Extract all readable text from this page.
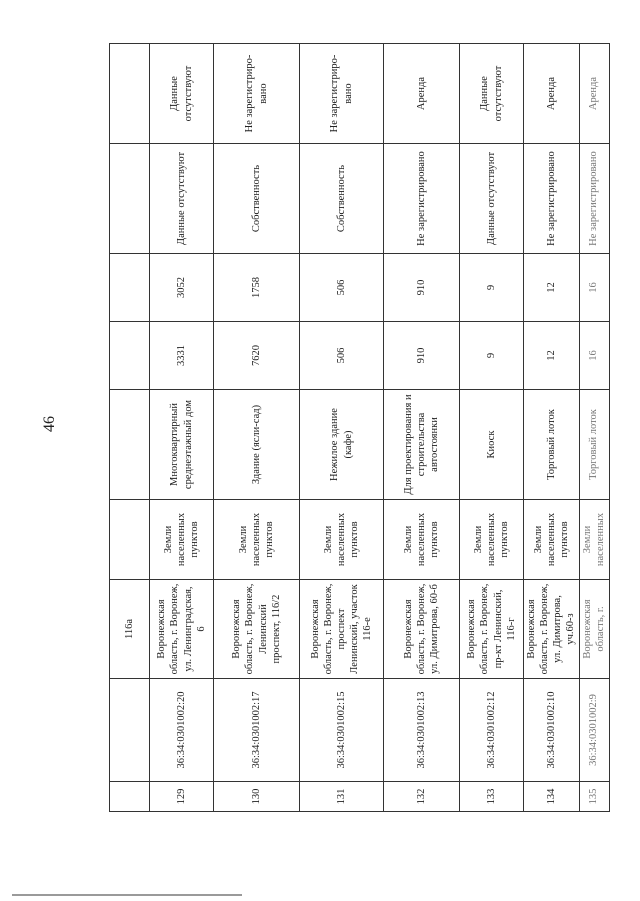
46
		116а						
129	36:34:0301002:20	Воронежская область, г. Воронеж, ул. Ленинградская, 6	Земли населенных пунктов	Многоквартирный среднеэтажный дом	3331	3052	Данные отсутствуют	Данные отсутствуют
130	36:34:0301002:17	Воронежская область, г. Воронеж, Ленинский проспект, 116/2	Земли населенных пунктов	Здание (ясли-сад)	7620	1758	Собственность	Не зарегистриро-вано
131	36:34:0301002:15	Воронежская область, г. Воронеж, проспект Ленинский, участок 116-е	Земли населенных пунктов	Нежилое здание (кафе)	506	506	Собственность	Не зарегистриро-вано
132	36:34:0301002:13	Воронежская область, г. Воронеж, ул. Димитрова, 60-б	Земли населенных пунктов	Для проектирования и строительства автостоянки	910	910	Не зарегистрировано	Аренда
133	36:34:0301002:12	Воронежская область, г. Воронеж, пр-кт Ленинский, 116-г	Земли населенных пунктов	Киоск	9	9	Данные отсутствуют	Данные отсутствуют
134	36:34:0301002:10	Воронежская область, г. Воронеж, ул. Димитрова, уч.60-з	Земли населенных пунктов	Торговый лоток	12	12	Не зарегистрировано	Аренда
135	36:34:0301002:9	Воронежская область, г.	Земли населенных	Торговый лоток	16	16	Не зарегистрировано	Аренда
